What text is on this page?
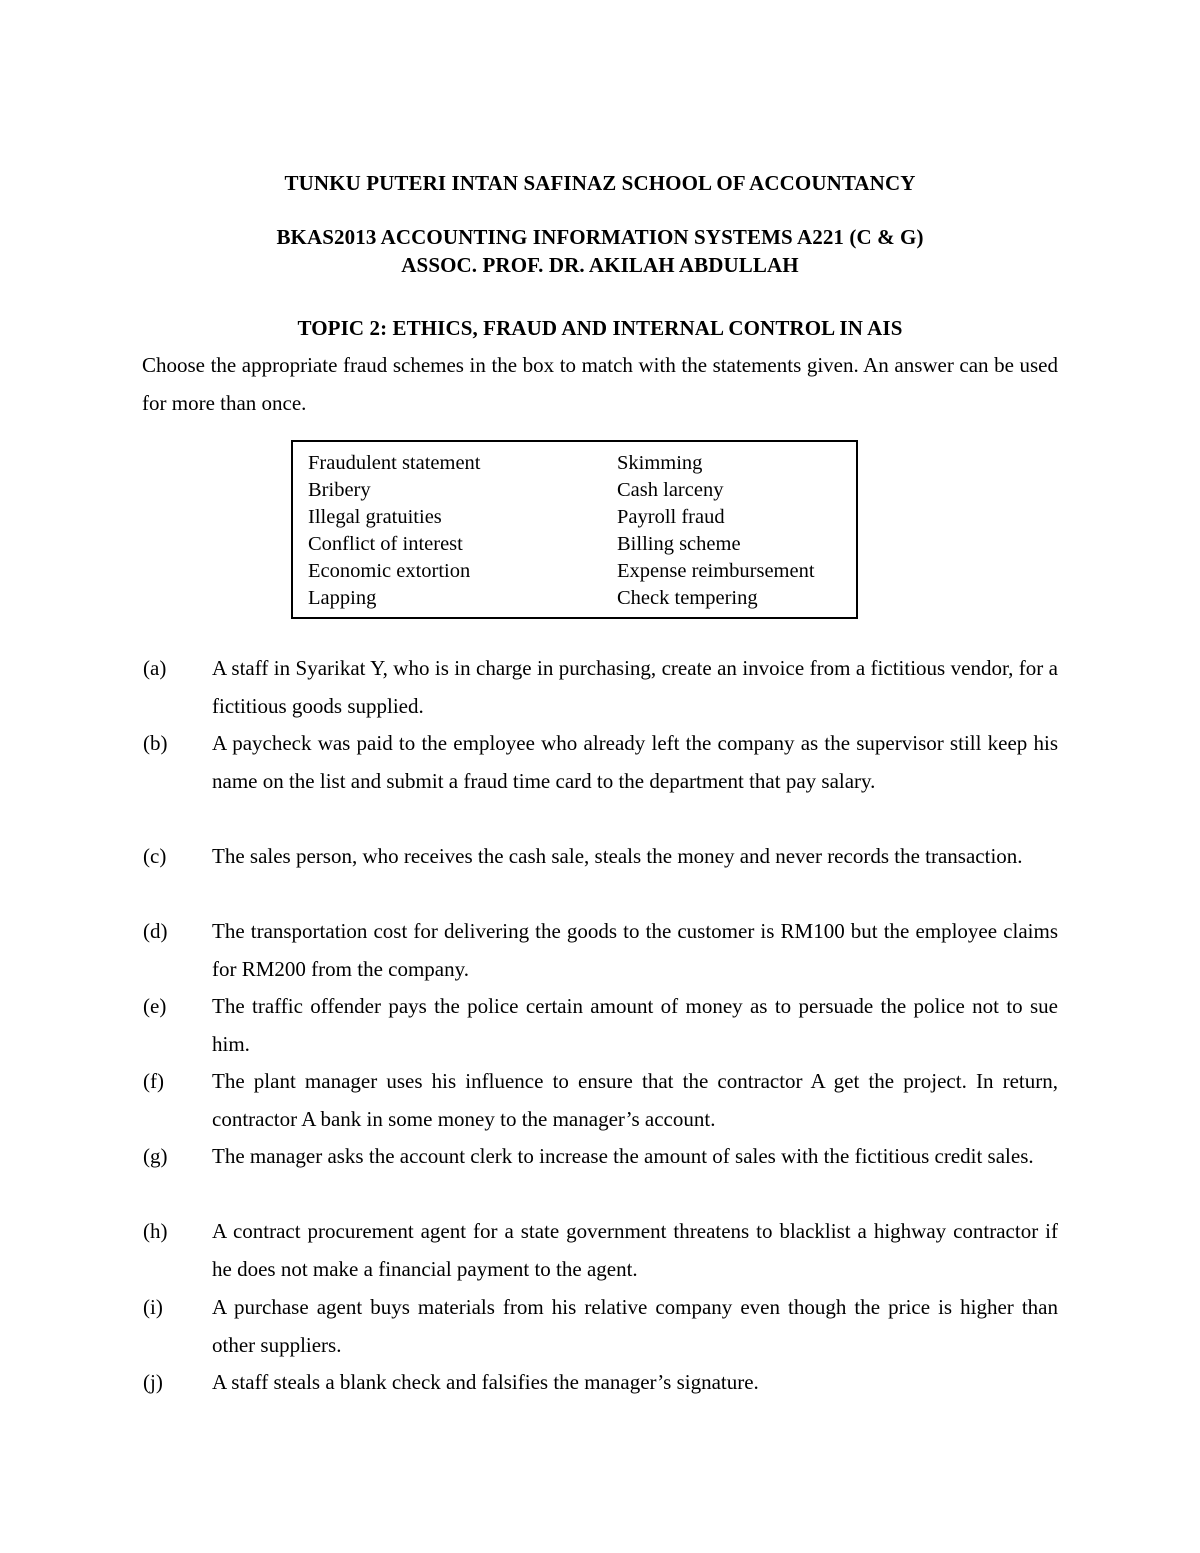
TUNKU PUTERI INTAN SAFINAZ SCHOOL OF ACCOUNTANCY
BKAS2013 ACCOUNTING INFORMATION SYSTEMS A221 (C & G)
ASSOC. PROF. DR. AKILAH ABDULLAH
TOPIC 2: ETHICS, FRAUD AND INTERNAL CONTROL IN AIS
Choose the appropriate fraud schemes in the box to match with the statements given. An answer can be used for more than once.
Fraudulent statement	Skimming
Bribery	Cash larceny
Illegal gratuities	Payroll fraud
Conflict of interest	Billing scheme
Economic extortion	Expense reimbursement
Lapping	Check tempering
(a) A staff in Syarikat Y, who is in charge in purchasing, create an invoice from a fictitious vendor, for a fictitious goods supplied.
(b) A paycheck was paid to the employee who already left the company as the supervisor still keep his name on the list and submit a fraud time card to the department that pay salary.
(c) The sales person, who receives the cash sale, steals the money and never records the transaction.
(d) The transportation cost for delivering the goods to the customer is RM100 but the employee claims for RM200 from the company.
(e) The traffic offender pays the police certain amount of money as to persuade the police not to sue him.
(f) The plant manager uses his influence to ensure that the contractor A get the project. In return, contractor A bank in some money to the manager’s account.
(g) The manager asks the account clerk to increase the amount of sales with the fictitious credit sales.
(h) A contract procurement agent for a state government threatens to blacklist a highway contractor if he does not make a financial payment to the agent.
(i) A purchase agent buys materials from his relative company even though the price is higher than other suppliers.
(j) A staff steals a blank check and falsifies the manager’s signature.
